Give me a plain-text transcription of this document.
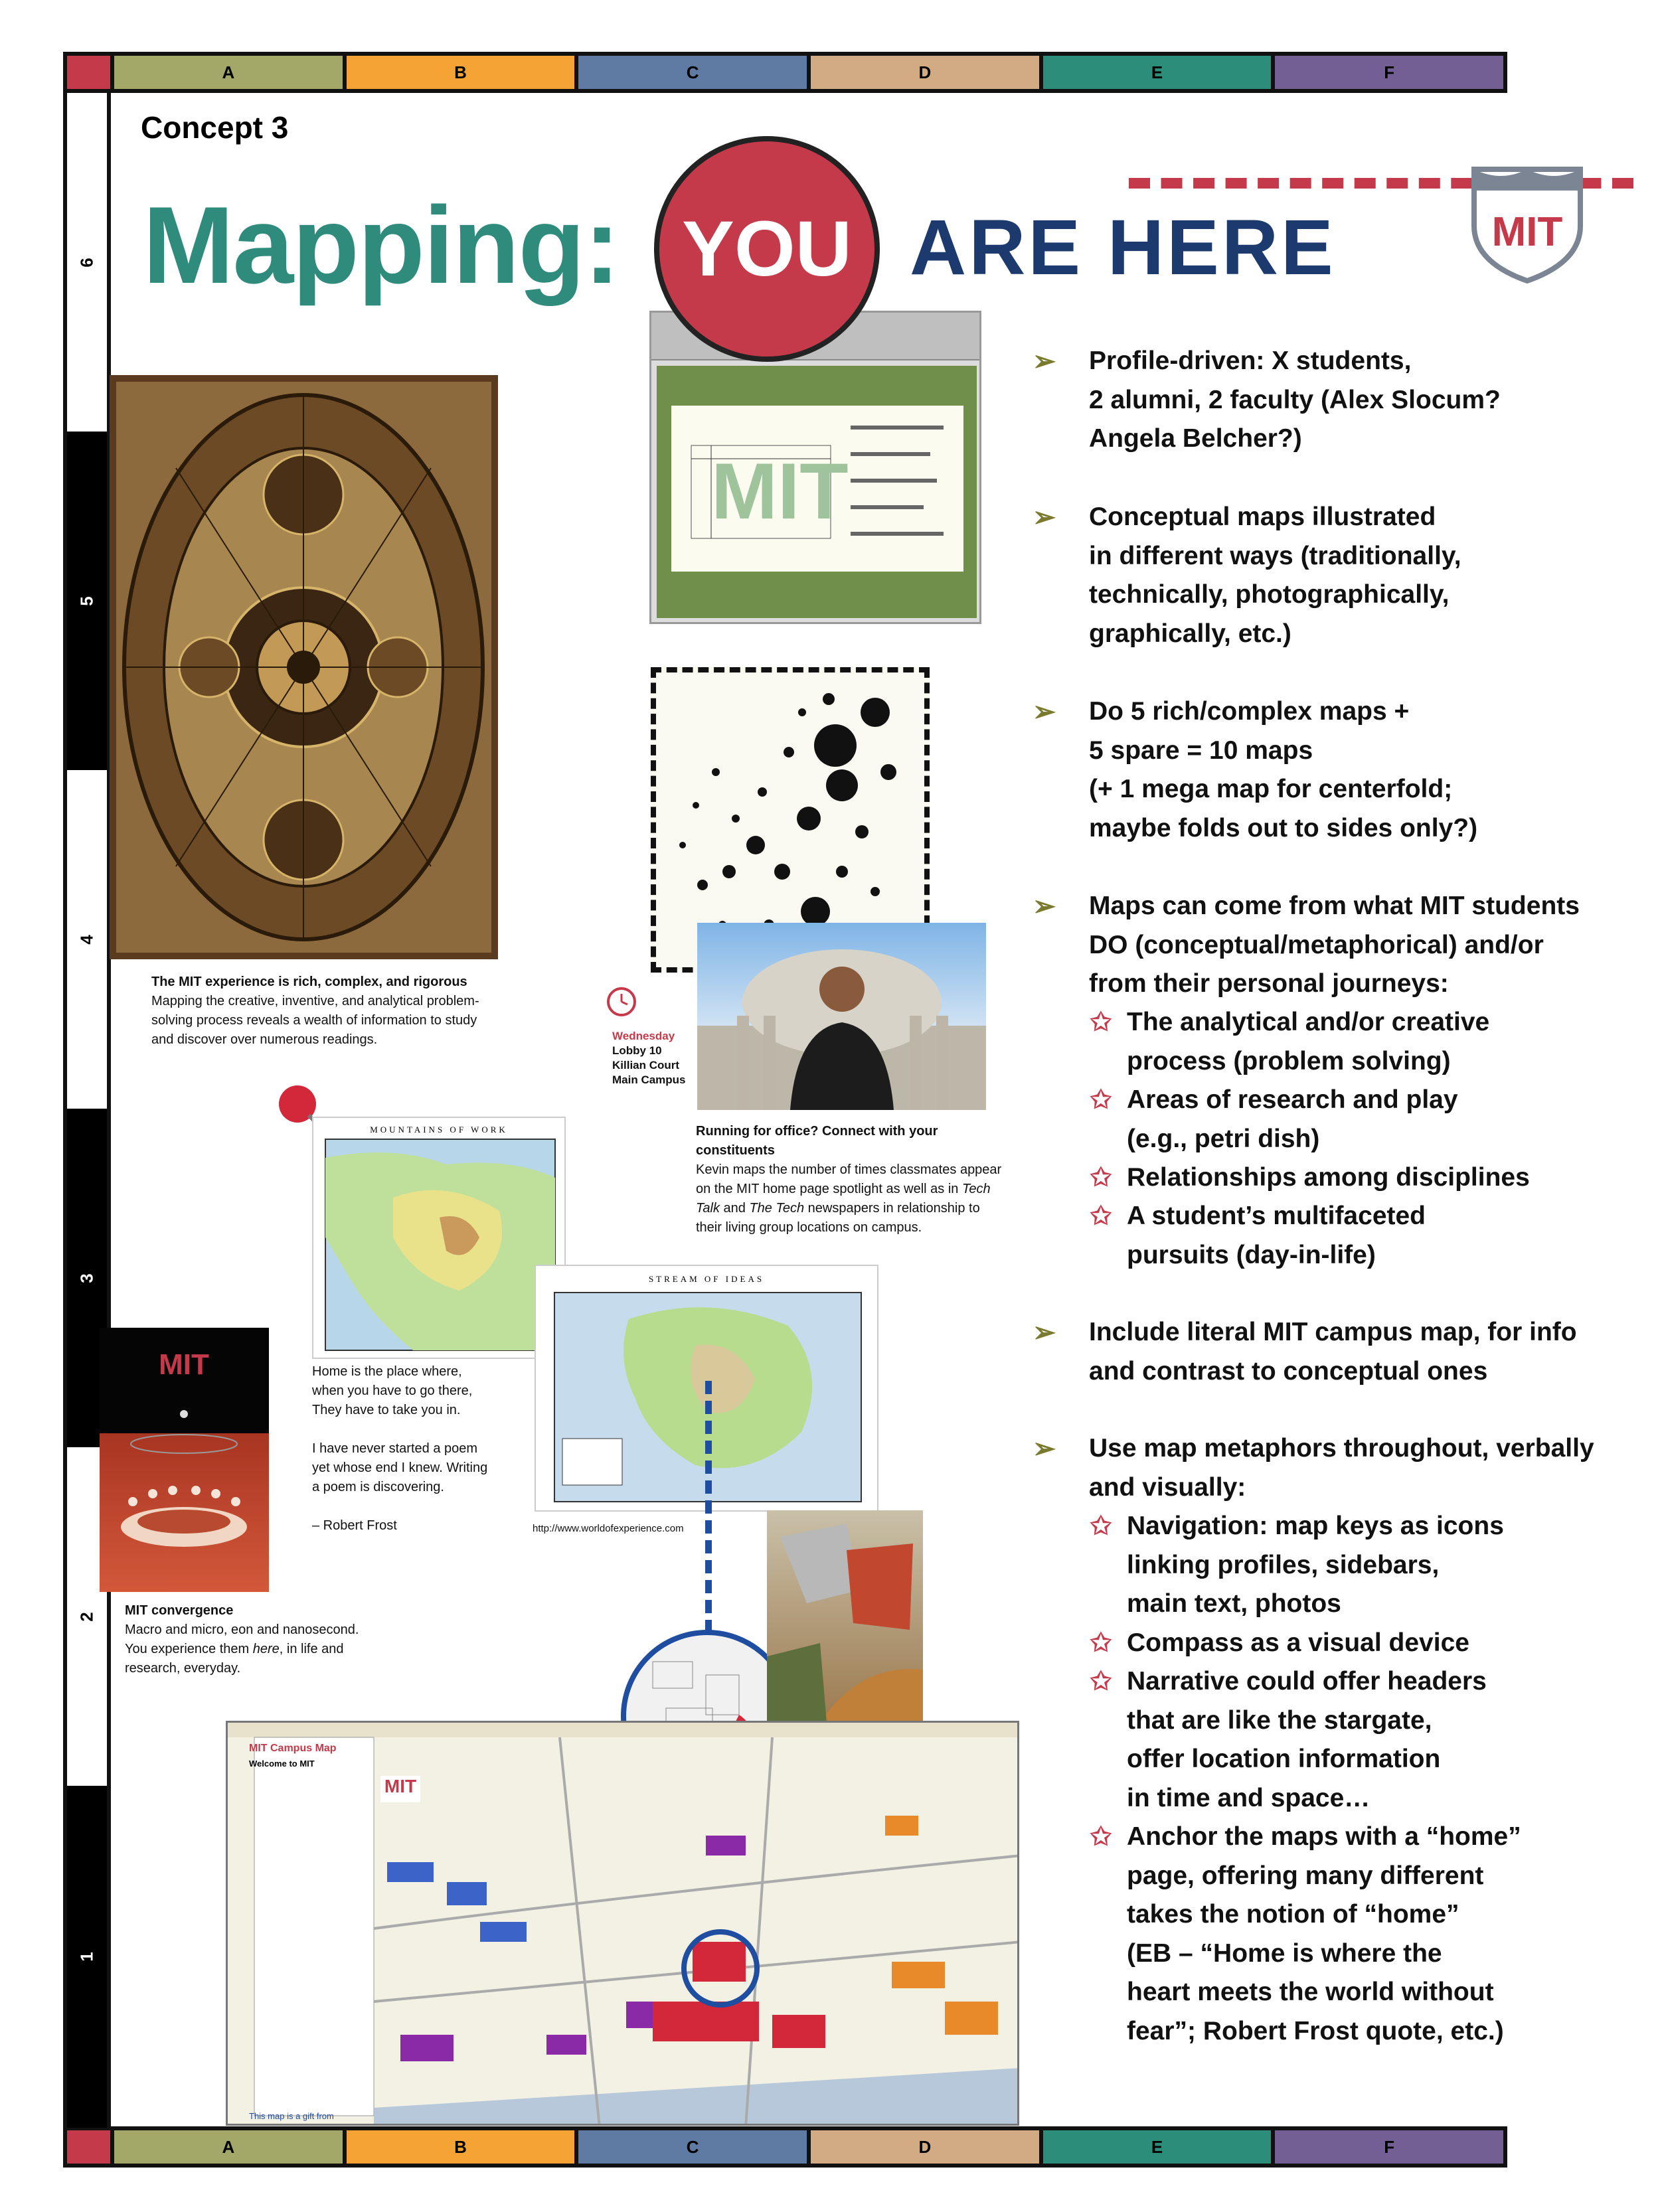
A	B	C	D	E	F
A	B	C	D	E	F
6
5
4
3
2
1
Concept 3
Mapping:	MIT
MIT
YOU ARE HERE
Wednesday
Lobby 10
Killian Court
Main Campus
The MIT experience is rich, complex, and rigorous
Mapping the creative, inventive, and analytical problem-solving process reveals a wealth of information to study and discover over numerous readings.
Running for office? Connect with your constituents
Kevin maps the number of times classmates appear on the MIT home page spotlight as well as in Tech Talk and The Tech newspapers in relationship to their living group locations on campus.
MOUNTAINS OF WORK
STREAM OF IDEAS
Home is the place where,
when you have to go there,
They have to take you in.
I have never started a poem
yet whose end I knew. Writing
a poem is discovering.
– Robert Frost	http://www.worldofexperience.com
MIT
MIT convergence
Macro and micro, eon and nanosecond. You experience them here, in life and research, everyday.
MIT
MIT Campus Map
Welcome to MIT
This map is a gift from
➢ Profile-driven: X students,
2 alumni, 2 faculty (Alex Slocum?
Angela Belcher?)
➢ Conceptual maps illustrated
in different ways (traditionally,
technically, photographically,
graphically, etc.)
➢ Do 5 rich/complex maps +
5 spare = 10 maps
(+ 1 mega map for centerfold;
maybe folds out to sides only?)
➢ Maps can come from what MIT students
DO (conceptual/metaphorical) and/or
from their personal journeys:
✩ The analytical and/or creative
process (problem solving)
✩ Areas of research and play
(e.g., petri dish)
✩ Relationships among disciplines
✩ A student’s multifaceted
pursuits (day-in-life)
➢ Include literal MIT campus map, for info
and contrast to conceptual ones
➢ Use map metaphors throughout, verbally
and visually:
✩ Navigation: map keys as icons
linking profiles, sidebars,
main text, photos
✩ Compass as a visual device
✩ Narrative could offer headers
that are like the stargate,
offer location information
in time and space…
✩ Anchor the maps with a “home”
page, offering many different
takes the notion of “home”
(EB – “Home is where the
heart meets the world without
fear”; Robert Frost quote, etc.)
